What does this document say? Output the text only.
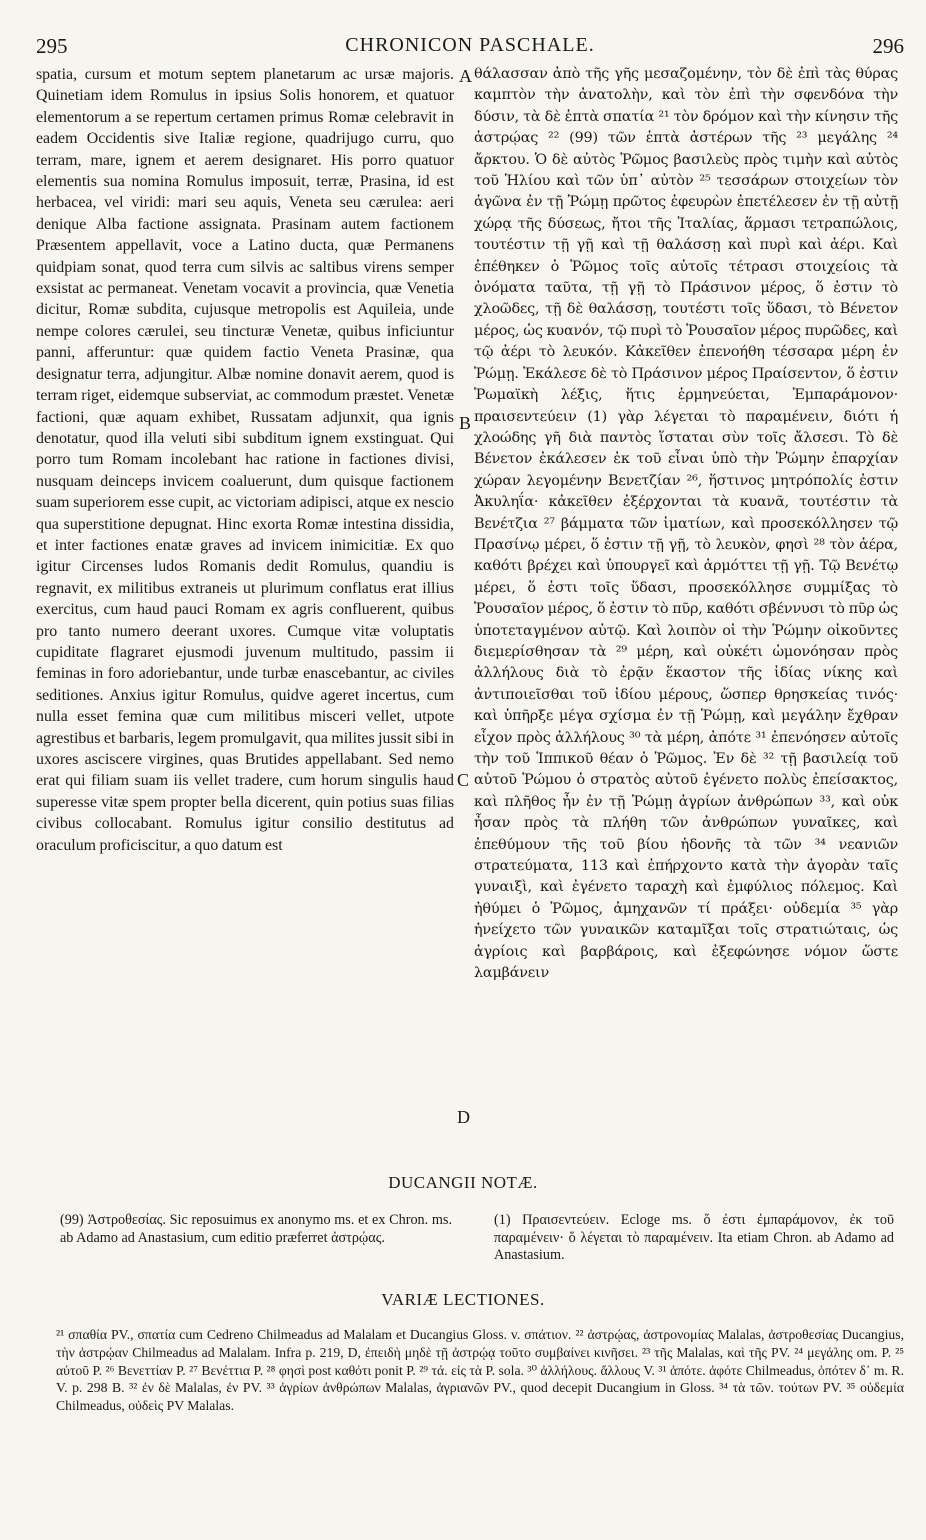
295	CHRONICON PASCHALE.	296
spatia, cursum et motum septem planetarum ac ursæ majoris. Quinetiam idem Romulus in ipsius Solis honorem, et quatuor elementorum a se repertum certamen primus Romæ celebravit in eadem Occidentis sive Italiæ regione, quadrijugo curru, quo terram, mare, ignem et aerem designaret. His porro quatuor elementis sua nomina Romulus imposuit, terræ, Prasina, id est herbacea, vel viridi: mari seu aquis, Veneta seu cærulea: aeri denique Alba factione assignata. Prasinam autem factionem Præsentem appellavit, voce a Latino ducta, quæ Permanens quidpiam sonat, quod terra cum silvis ac saltibus virens semper exsistat ac permaneat. Venetam vocavit a provincia, quæ Venetia dicitur, Romæ subdita, cujusque metropolis est Aquileia, unde nempe colores cærulei, seu tincturæ Venetæ, quibus inficiuntur panni, afferuntur: quæ quidem factio Veneta Prasinæ, qua designatur terra, adjungitur. Albæ nomine donavit aerem, quod is terram riget, eidemque subserviat, ac commodum præstet. Venetæ factioni, quæ aquam exhibet, Russatam adjunxit, qua ignis denotatur, quod illa veluti sibi subditum ignem exstinguat. Qui porro tum Romam incolebant hac ratione in factiones divisi, nusquam deinceps invicem coaluerunt, dum quisque factionem suam superiorem esse cupit, ac victoriam adipisci, atque ex nescio qua superstitione depugnat. Hinc exorta Romæ intestina dissidia, et inter factiones enatæ graves ad invicem inimicitiæ. Ex quo igitur Circenses ludos Romanis dedit Romulus, quandiu is regnavit, ex militibus extraneis ut plurimum conflatus erat illius exercitus, cum haud pauci Romam ex agris confluerent, quibus pro tanto numero deerant uxores. Cumque vitæ voluptatis cupiditate flagraret ejusmodi juvenum multitudo, passim ii feminas in foro adoriebantur, unde turbæ enascebantur, ac civiles seditiones. Anxius igitur Romulus, quidve ageret incertus, cum nulla esset femina quæ cum militibus misceri vellet, utpote agrestibus et barbaris, legem promulgavit, qua milites jussit sibi in uxores asciscere virgines, quas Brutides appellabant. Sed nemo erat qui filiam suam iis vellet tradere, cum horum singulis haud superesse vitæ spem propter bella dicerent, quin potius suas filias civibus collocabant. Romulus igitur consilio destitutus ad oraculum proficiscitur, a quo datum est
A
B
C
D
θάλασσαν ἀπὸ τῆς γῆς μεσαζομένην, τὸν δὲ ἐπὶ τὰς θύρας καμπτὸν τὴν ἀνατολὴν, καὶ τὸν ἐπὶ τὴν σφενδόνα τὴν δύσιν, τὰ δὲ ἑπτὰ σπατία ²¹ τὸν δρόμον καὶ τὴν κίνησιν τῆς ἀστρῴας ²² (99) τῶν ἑπτὰ ἀστέρων τῆς ²³ μεγάλης ²⁴ ἄρκτου. Ὁ δὲ αὐτὸς Ῥῶμος βασιλεὺς πρὸς τιμὴν καὶ αὐτὸς τοῦ Ἡλίου καὶ τῶν ὑπ᾽ αὐτὸν ²⁵ τεσσάρων στοιχείων τὸν ἀγῶνα ἐν τῇ Ῥώμῃ πρῶτος ἐφευρὼν ἐπετέλεσεν ἐν τῇ αὐτῇ χώρᾳ τῆς δύσεως, ἤτοι τῆς Ἰταλίας, ἅρμασι τετραπώλοις, τουτέστιν τῇ γῇ καὶ τῇ θαλάσσῃ καὶ πυρὶ καὶ ἀέρι. Καὶ ἐπέθηκεν ὁ Ῥῶμος τοῖς αὐτοῖς τέτρασι στοιχείοις τὰ ὀνόματα ταῦτα, τῇ γῇ τὸ Πράσινον μέρος, ὅ ἐστιν τὸ χλοῶδες, τῇ δὲ θαλάσσῃ, τουτέστι τοῖς ὕδασι, τὸ Βένετον μέρος, ὡς κυανόν, τῷ πυρὶ τὸ Ῥουσαῖον μέρος πυρῶδες, καὶ τῷ ἀέρι τὸ λευκόν. Κἀκεῖθεν ἐπενοήθη τέσσαρα μέρη ἐν Ῥώμῃ. Ἐκάλεσε δὲ τὸ Πράσινον μέρος Πραίσεντον, ὅ ἐστιν Ῥωμαϊκὴ λέξις, ἥτις ἑρμηνεύεται, Ἐμπαράμονον· πραισεντεύειν (1) γὰρ λέγεται τὸ παραμένειν, διότι ἡ χλοώδης γῆ διὰ παντὸς ἵσταται σὺν τοῖς ἄλσεσι. Τὸ δὲ Βένετον ἐκάλεσεν ἐκ τοῦ εἶναι ὑπὸ τὴν Ῥώμην ἐπαρχίαν χώραν λεγομένην Βενετζίαν ²⁶, ἥστινος μητρόπολίς ἐστιν Ἀκυληΐα· κἀκεῖθεν ἐξέρχονται τὰ κυανᾶ, τουτέστιν τὰ Βενέτζια ²⁷ βάμματα τῶν ἱματίων, καὶ προσεκόλλησεν τῷ Πρασίνῳ μέρει, ὅ ἐστιν τῇ γῇ, τὸ λευκὸν, φησὶ ²⁸ τὸν ἀέρα, καθότι βρέχει καὶ ὑπουργεῖ καὶ ἁρμόττει τῇ γῇ. Τῷ Βενέτῳ μέρει, ὅ ἐστι τοῖς ὕδασι, προσεκόλλησε συμμίξας τὸ Ῥουσαῖον μέρος, ὅ ἐστιν τὸ πῦρ, καθότι σβέννυσι τὸ πῦρ ὡς ὑποτεταγμένον αὐτῷ. Καὶ λοιπὸν οἱ τὴν Ῥώμην οἰκοῦντες διεμερίσθησαν τὰ ²⁹ μέρη, καὶ οὐκέτι ὡμονόησαν πρὸς ἀλλήλους διὰ τὸ ἐρᾷν ἕκαστον τῆς ἰδίας νίκης καὶ ἀντιποιεῖσθαι τοῦ ἰδίου μέρους, ὥσπερ θρησκείας τινός· καὶ ὑπῆρξε μέγα σχίσμα ἐν τῇ Ῥώμῃ, καὶ μεγάλην ἔχθραν εἶχον πρὸς ἀλλήλους ³⁰ τὰ μέρη, ἀπότε ³¹ ἐπενόησεν αὐτοῖς τὴν τοῦ Ἱππικοῦ θέαν ὁ Ῥῶμος. Ἐν δὲ ³² τῇ βασιλείᾳ τοῦ αὐτοῦ Ῥώμου ὁ στρατὸς αὐτοῦ ἐγένετο πολὺς ἐπείσακτος, καὶ πλῆθος ἦν ἐν τῇ Ῥώμῃ ἀγρίων ἀνθρώπων ³³, καὶ οὐκ ἦσαν πρὸς τὰ πλήθη τῶν ἀνθρώπων γυναῖκες, καὶ ἐπεθύμουν τῆς τοῦ βίου ἡδονῆς τὰ τῶν ³⁴ νεανιῶν στρατεύματα, 113 καὶ ἐπήρχοντο κατὰ τὴν ἀγορὰν ταῖς γυναιξὶ, καὶ ἐγένετο ταραχὴ καὶ ἐμφύλιος πόλεμος. Καὶ ἠθύμει ὁ Ῥῶμος, ἀμηχανῶν τί πράξει· οὐδεμία ³⁵ γὰρ ἠνείχετο τῶν γυναικῶν καταμῖξαι τοῖς στρατιώταις, ὡς ἀγρίοις καὶ βαρβάροις, καὶ ἐξεφώνησε νόμον ὥστε λαμβάνειν
DUCANGII NOTÆ.
(99) Ἀστροθεσίας. Sic reposuimus ex anonymo ms. et ex Chron. ms. ab Adamo ad Anastasium, cum editio præferret ἀστρῴας.
(1) Πραισεντεύειν. Ecloge ms. ὅ ἐστι ἐμπαράμονον, ἐκ τοῦ παραμένειν· ὅ λέγεται τὸ παραμένειν. Ita etiam Chron. ab Adamo ad Anastasium.
VARIÆ LECTIONES.
²¹ σπαθία PV., σπατία cum Cedreno Chilmeadus ad Malalam et Ducangius Gloss. v. σπάτιον. ²² ἀστρῴας, ἀστρονομίας Malalas, ἀστροθεσίας Ducangius, τὴν ἀστρῴαν Chilmeadus ad Malalam. Infra p. 219, D, ἐπειδὴ μηδὲ τῇ ἀστρῴᾳ τοῦτο συμβαίνει κινῆσει. ²³ τῆς Malalas, καὶ τῆς PV. ²⁴ μεγάλης om. P. ²⁵ αὐτοῦ P. ²⁶ Βενεττίαν P. ²⁷ Βενέττια P. ²⁸ φησὶ post καθότι ponit P. ²⁹ τά. εἰς τὰ P. sola. ³⁰ ἀλλήλους. ἄλλους V. ³¹ ἀπότε. ἀφότε Chilmeadus, ὁπότεν δ᾽ m. R. V. p. 298 B. ³² ἐν δὲ Malalas, ἐν PV. ³³ ἀγρίων ἀνθρώπων Malalas, ἀγριανῶν PV., quod decepit Ducangium in Gloss. ³⁴ τὰ τῶν. τούτων PV. ³⁵ οὐδεμία Chilmeadus, οὐδεὶς PV Malalas.
